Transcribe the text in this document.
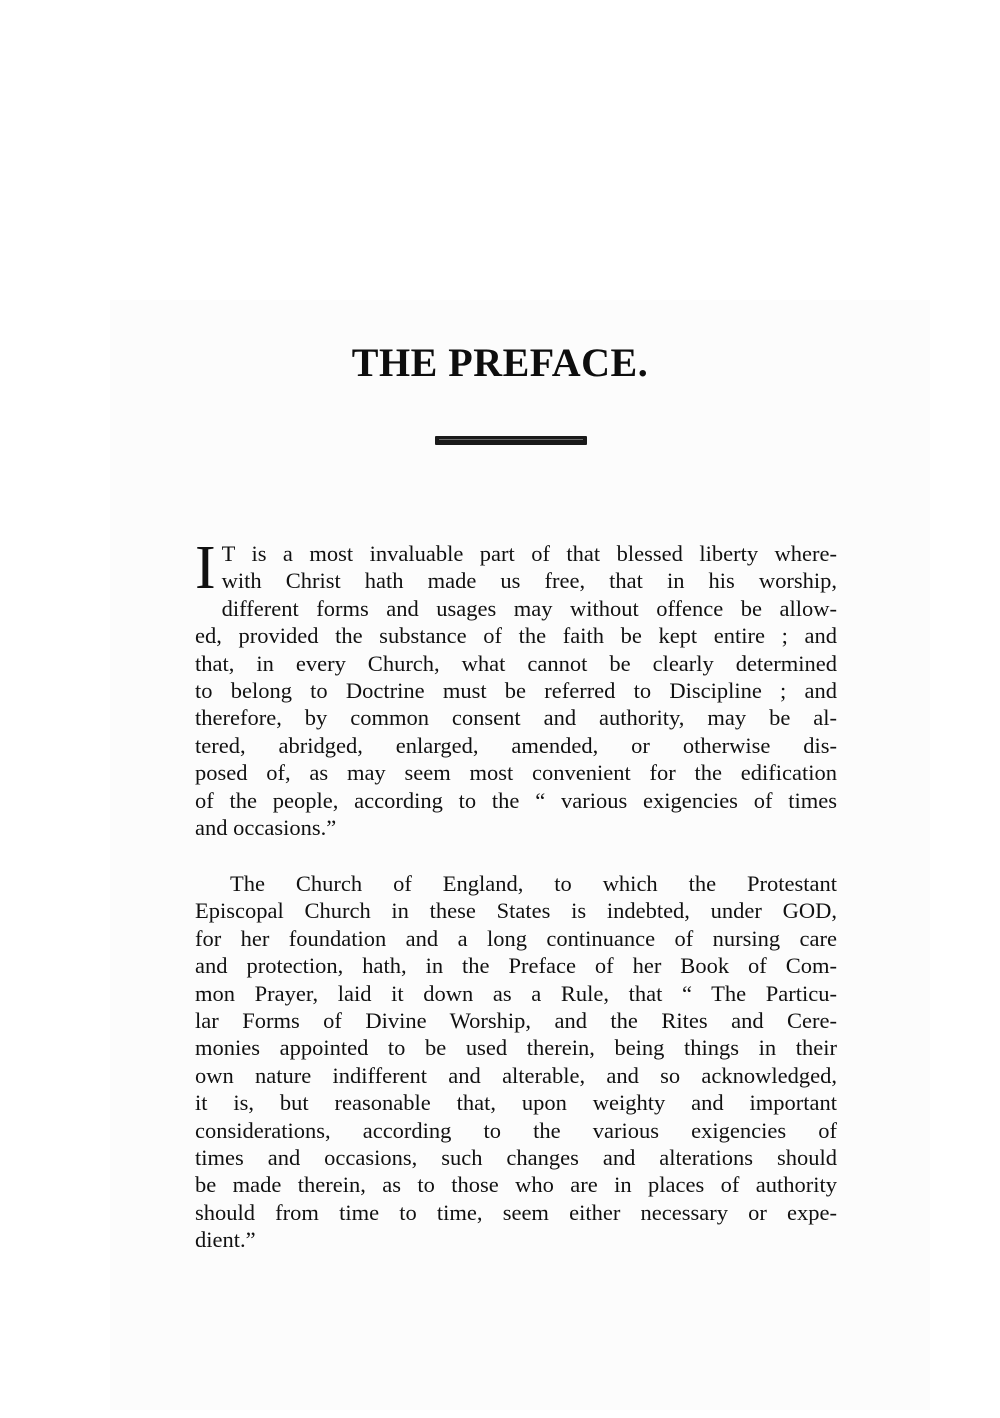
THE PREFACE.
I T is a most invaluable part of that blessed liberty where-
with Christ hath made us free, that in his worship,
different forms and usages may without offence be allow-
ed, provided the substance of the faith be kept entire ; and
that, in every Church, what cannot be clearly determined
to belong to Doctrine must be referred to Discipline ; and
therefore, by common consent and authority, may be al-
tered, abridged, enlarged, amended, or otherwise dis-
posed of, as may seem most convenient for the edification
of the people, according to the “ various exigencies of times
and occasions.”
The Church of England, to which the Protestant
Episcopal Church in these States is indebted, under GOD,
for her foundation and a long continuance of nursing care
and protection, hath, in the Preface of her Book of Com-
mon Prayer, laid it down as a Rule, that “ The Particu-
lar Forms of Divine Worship, and the Rites and Cere-
monies appointed to be used therein, being things in their
own nature indifferent and alterable, and so acknowledged,
it is, but reasonable that, upon weighty and important
considerations, according to the various exigencies of
times and occasions, such changes and alterations should
be made therein, as to those who are in places of authority
should from time to time, seem either necessary or expe-
dient.”
